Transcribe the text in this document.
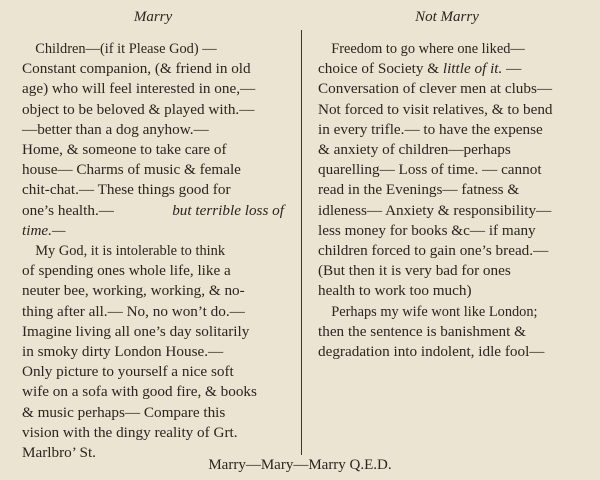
Marry
Children—(if it Please God) —
Constant companion, (& friend in old
age) who will feel interested in one,—
object to be beloved & played with.—
—better than a dog anyhow.—
Home, & someone to take care of
house— Charms of music & female
chit-chat.— These things good for
one’s health.—	but terrible loss of
time.—
My God, it is intolerable to think
of spending ones whole life, like a
neuter bee, working, working, & no-
thing after all.— No, no won’t do.—
Imagine living all one’s day solitarily
in smoky dirty London House.—
Only picture to yourself a nice soft
wife on a sofa with good fire, & books
& music perhaps— Compare this
vision with the dingy reality of Grt.
Marlbro’ St.
Not Marry
Freedom to go where one liked—
choice of Society & little of it. —
Conversation of clever men at clubs—
Not forced to visit relatives, & to bend
in every trifle.— to have the expense
& anxiety of children—perhaps
quarelling— Loss of time. — cannot
read in the Evenings— fatness &
idleness— Anxiety & responsibility—
less money for books &c— if many
children forced to gain one’s bread.—
(But then it is very bad for ones
health to work too much)
Perhaps my wife wont like London;
then the sentence is banishment &
degradation into indolent, idle fool—
Marry—Mary—Marry Q.E.D.
